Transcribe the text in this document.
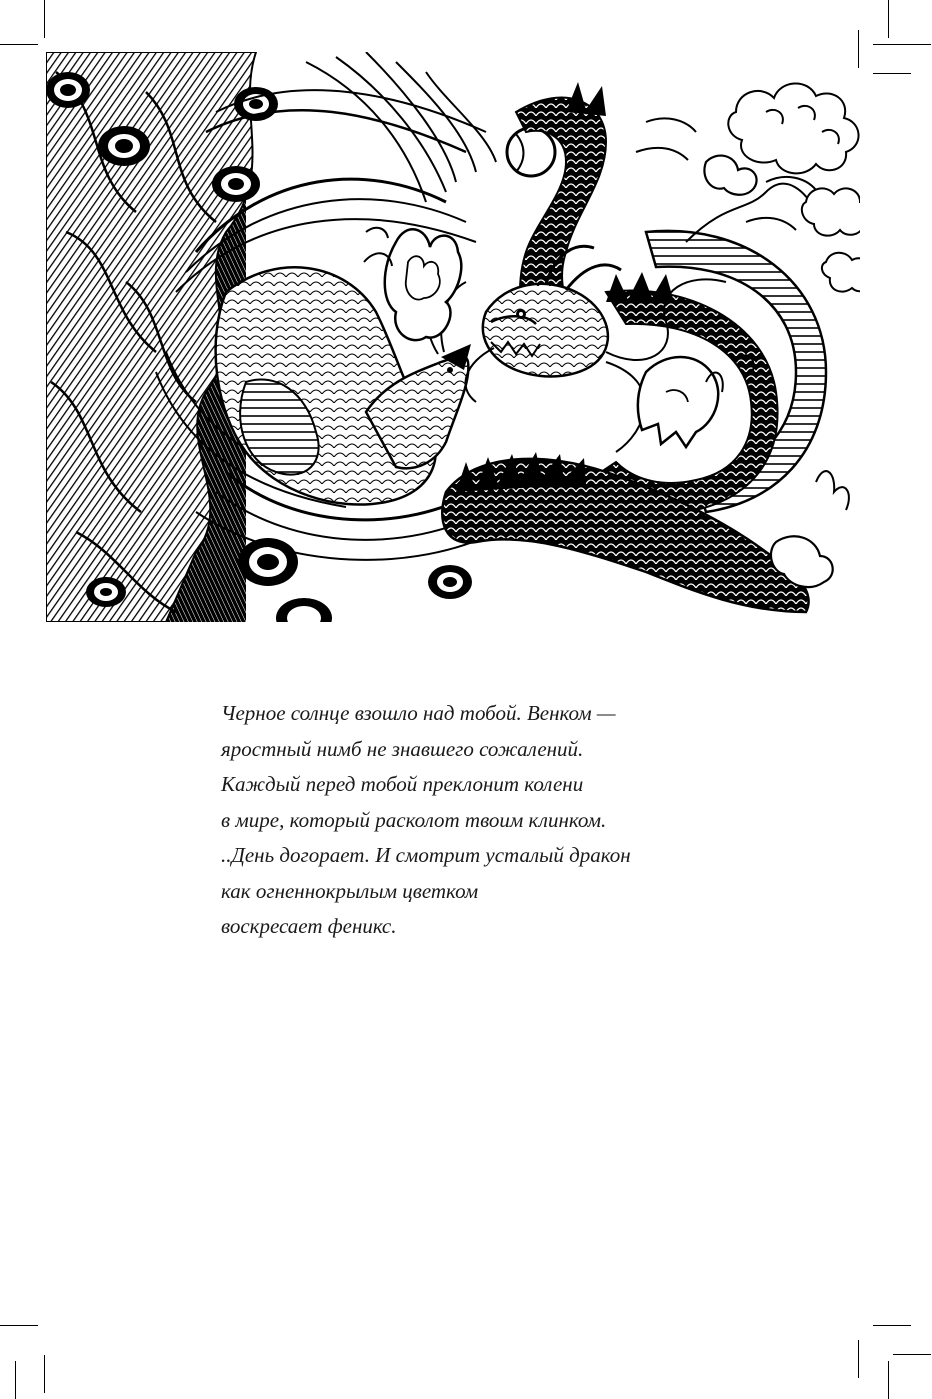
Черное солнце взошло над тобой. Венком —
яростный нимб не знавшего сожалений.
Каждый перед тобой преклонит колени
в мире, который расколот твоим клинком.
..День догорает. И смотрит усталый дракон
как огненнокрылым цветком
воскресает феникс.
